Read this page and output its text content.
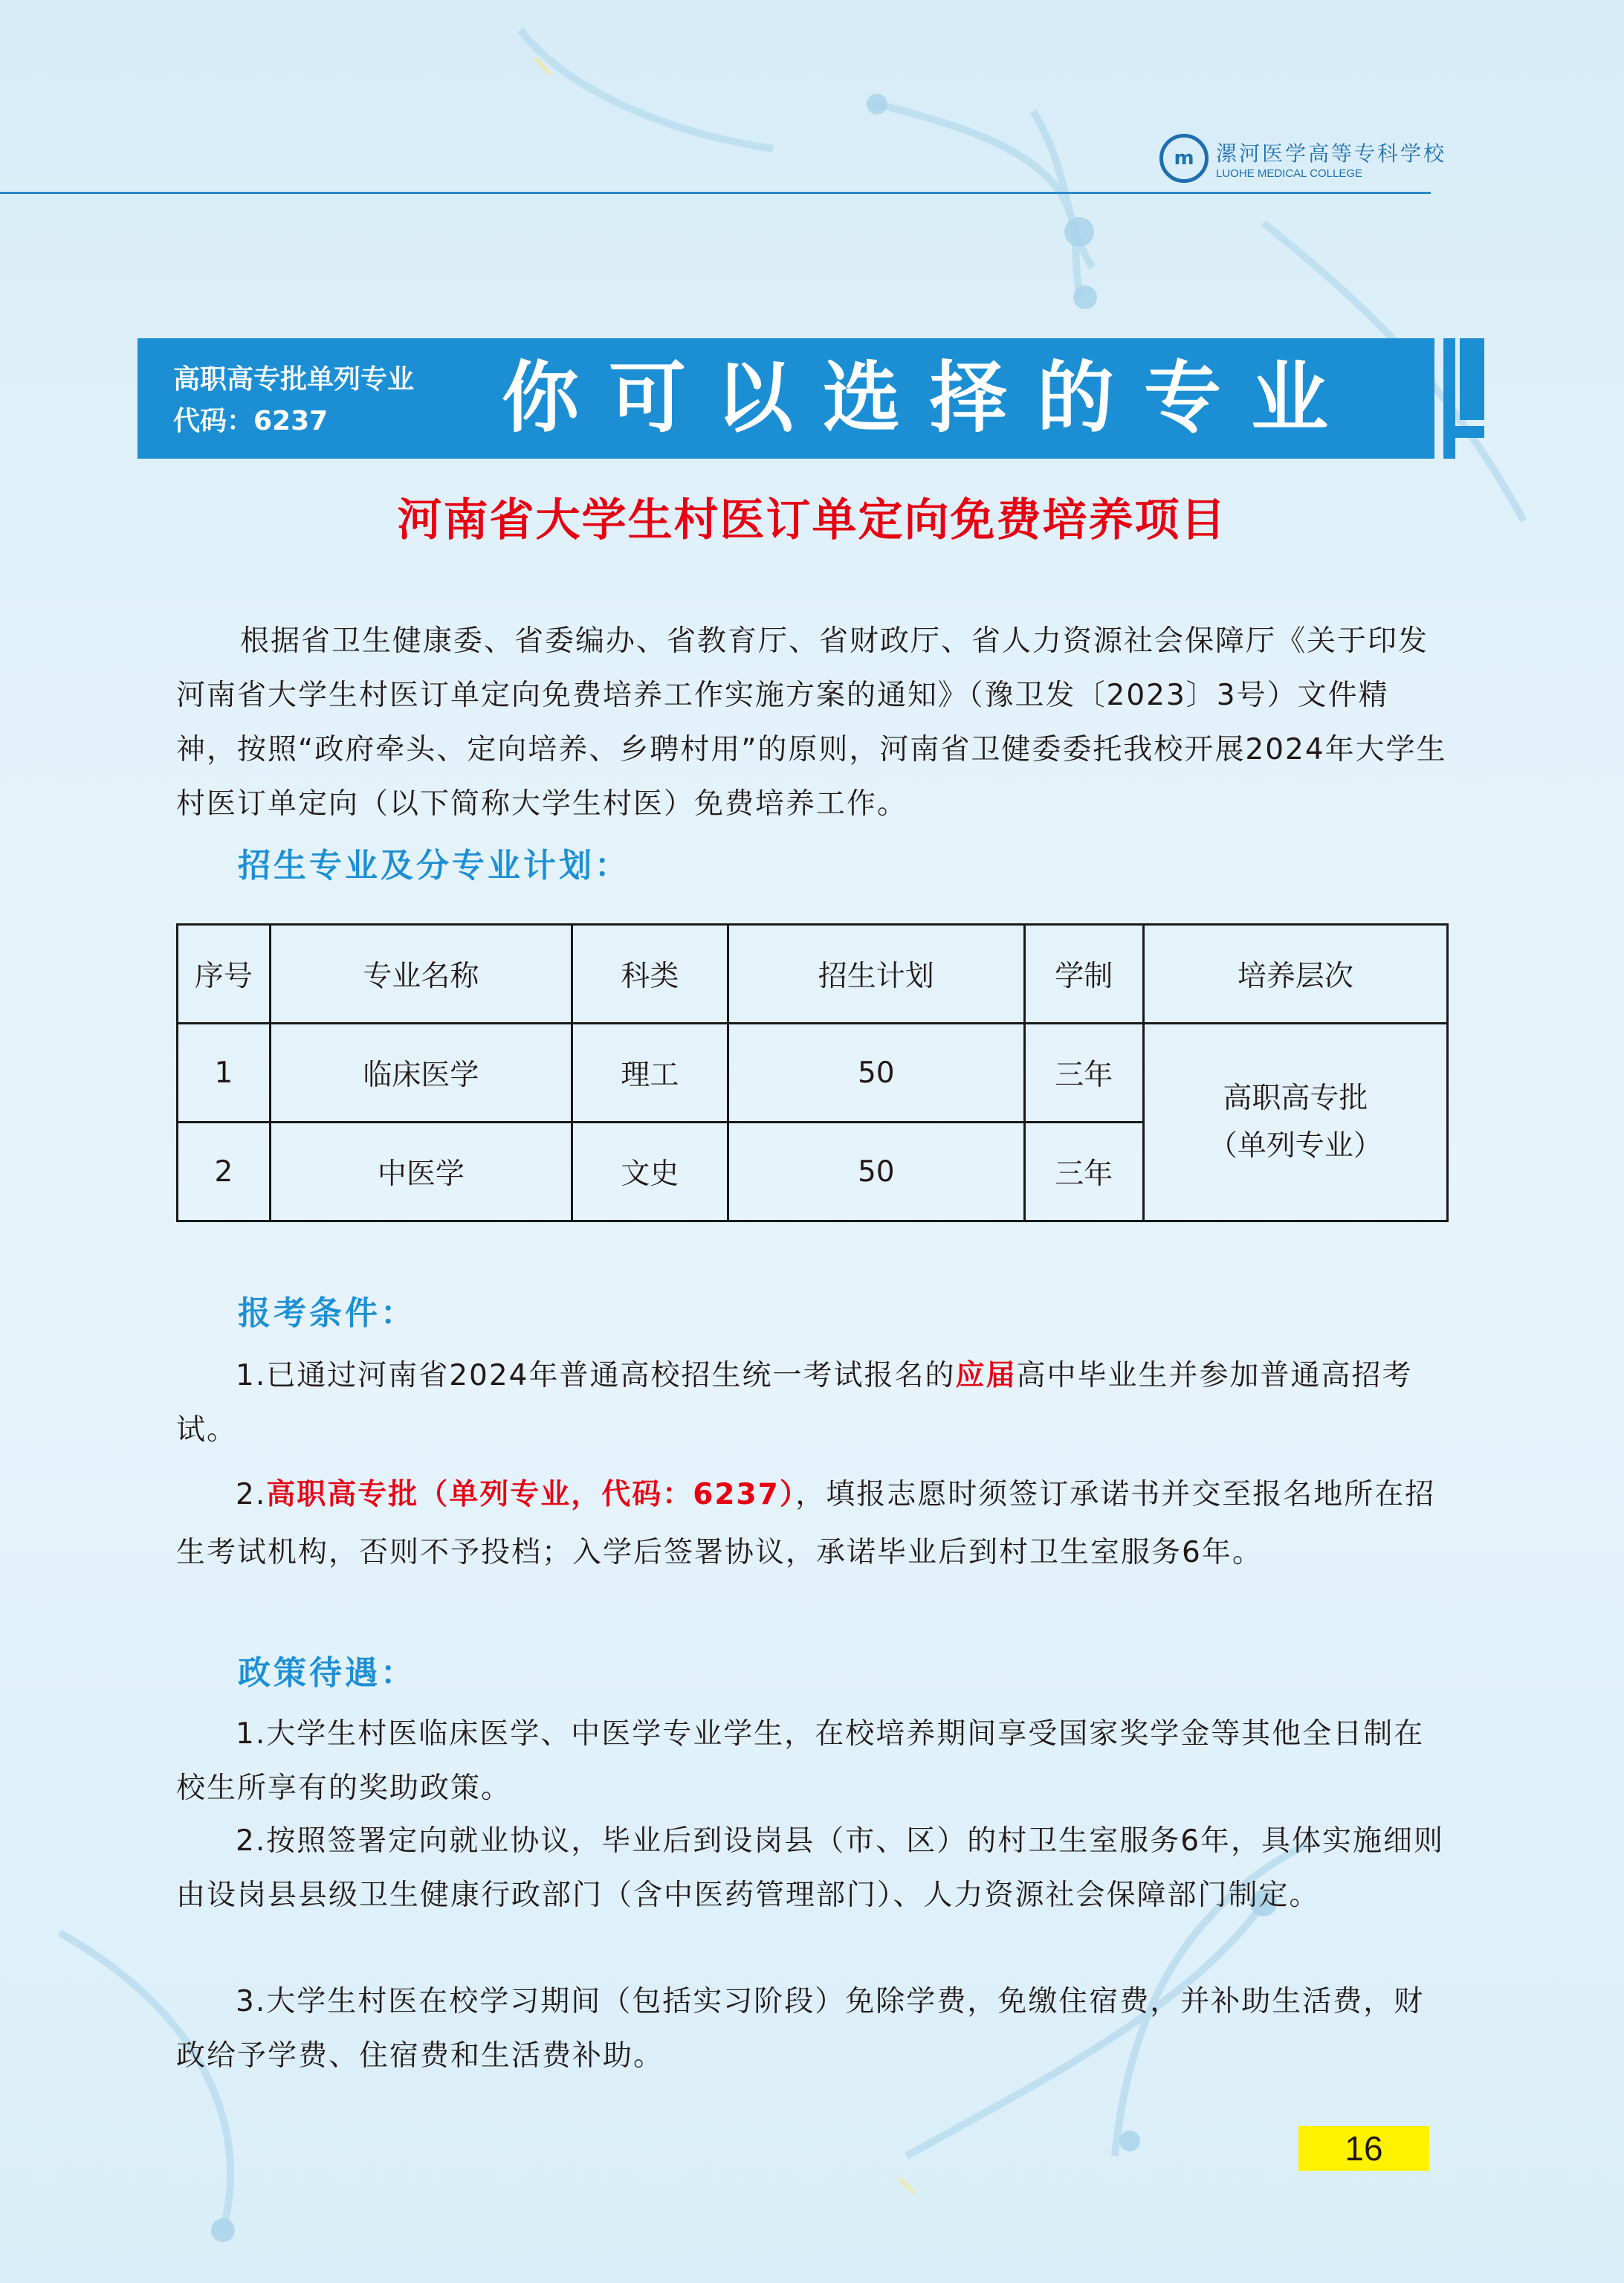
m	漯河医学高等专科学校
LUOHE MEDICAL COLLEGE
高职高专批单列专业
代码：6237	你可以选择的专业
河南省大学生村医订单定向免费培养项目

根据省卫生健康委、省委编办、省教育厅、省财政厅、省人力资源社会保障厅《关于印发河南省大学生村医订单定向免费培养工作实施方案的通知》（豫卫发〔2023〕3号）文件精神，按照“政府牵头、定向培养、乡聘村用”的原则，河南省卫健委委托我校开展2024年大学生村医订单定向（以下简称大学生村医）免费培养工作。

招生专业及分专业计划：
序号	专业名称	科类	招生计划	学制	培养层次
1	临床医学	理工	50	三年	高职高专批
（单列专业）

2	中医学	文史	50	三年	
报考条件：

1.已通过河南省2024年普通高校招生统一考试报名的应届高中毕业生并参加普通高招考试。

2.高职高专批（单列专业，代码：6237），填报志愿时须签订承诺书并交至报名地所在招生考试机构，否则不予投档；入学后签署协议，承诺毕业后到村卫生室服务6年。

政策待遇：

1.大学生村医临床医学、中医学专业学生，在校培养期间享受国家奖学金等其他全日制在校生所享有的奖助政策。

2.按照签署定向就业协议，毕业后到设岗县（市、区）的村卫生室服务6年，具体实施细则由设岗县县级卫生健康行政部门（含中医药管理部门）、人力资源社会保障部门制定。

3.大学生村医在校学习期间（包括实习阶段）免除学费，免缴住宿费，并补助生活费，财政给予学费、住宿费和生活费补助。

16
